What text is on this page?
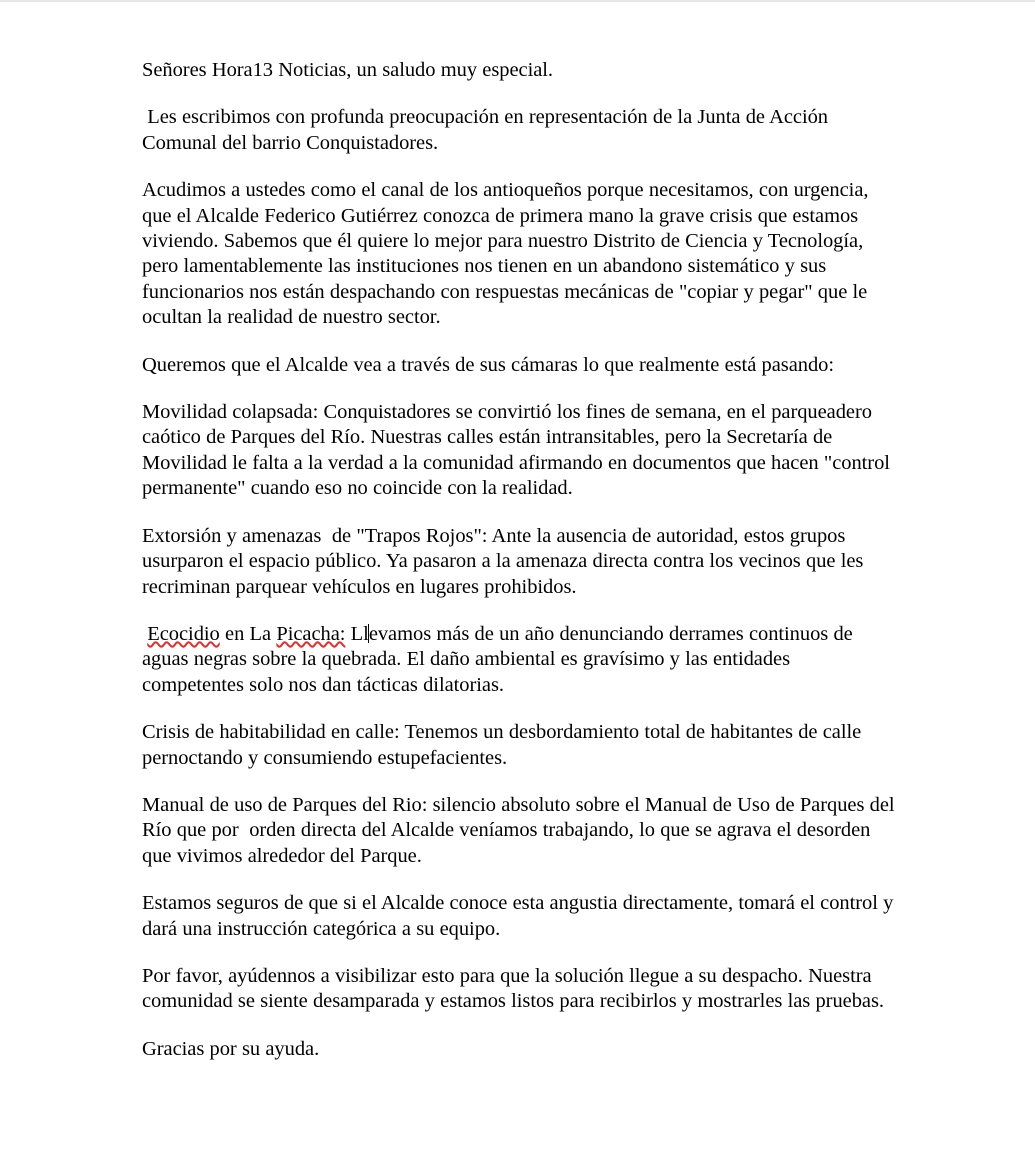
Señores Hora13 Noticias, un saludo muy especial.

Les escribimos con profunda preocupación en representación de la Junta de Acción Comunal del barrio Conquistadores.

Acudimos a ustedes como el canal de los antioqueños porque necesitamos, con urgencia, que el Alcalde Federico Gutiérrez conozca de primera mano la grave crisis que estamos viviendo. Sabemos que él quiere lo mejor para nuestro Distrito de Ciencia y Tecnología, pero lamentablemente las instituciones nos tienen en un abandono sistemático y sus funcionarios nos están despachando con respuestas mecánicas de "copiar y pegar" que le ocultan la realidad de nuestro sector.

Queremos que el Alcalde vea a través de sus cámaras lo que realmente está pasando:

Movilidad colapsada: Conquistadores se convirtió los fines de semana, en el parqueadero caótico de Parques del Río. Nuestras calles están intransitables, pero la Secretaría de Movilidad le falta a la verdad a la comunidad afirmando en documentos que hacen "control permanente" cuando eso no coincide con la realidad.

Extorsión y amenazas  de "Trapos Rojos": Ante la ausencia de autoridad, estos grupos usurparon el espacio público. Ya pasaron a la amenaza directa contra los vecinos que les recriminan parquear vehículos en lugares prohibidos.

Ecocidio en La Picacha: Llevamos más de un año denunciando derrames continuos de aguas negras sobre la quebrada. El daño ambiental es gravísimo y las entidades competentes solo nos dan tácticas dilatorias.

Crisis de habitabilidad en calle: Tenemos un desbordamiento total de habitantes de calle pernoctando y consumiendo estupefacientes.

Manual de uso de Parques del Rio: silencio absoluto sobre el Manual de Uso de Parques del Río que por  orden directa del Alcalde veníamos trabajando, lo que se agrava el desorden que vivimos alrededor del Parque.

Estamos seguros de que si el Alcalde conoce esta angustia directamente, tomará el control y dará una instrucción categórica a su equipo.

Por favor, ayúdennos a visibilizar esto para que la solución llegue a su despacho. Nuestra comunidad se siente desamparada y estamos listos para recibirlos y mostrarles las pruebas.

Gracias por su ayuda.
